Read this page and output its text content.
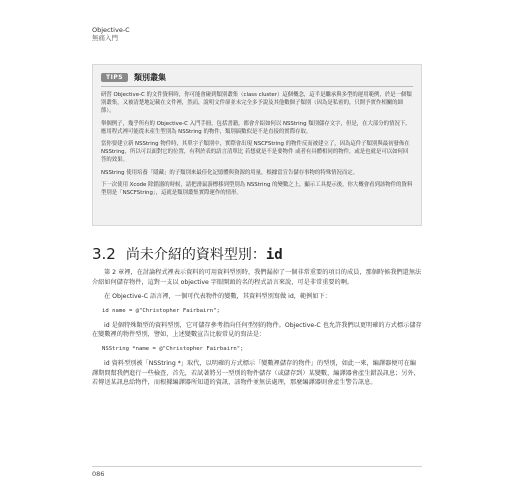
Objective-C
無痛入門
TIPS	類別叢集

研習 Objective-C 的文件資料時，你可能會碰到類別叢集（class cluster）這個概念，這半是繼承與多型的運用範例，於是一個類別叢集，又被清楚地記載在文件裡，然而，說明文件卻並未完全多予說及其他數個子類別（因為是私密的，只開予實作相關的細節）。

舉個例子，幾乎所有的 Objective-C 入門手冊，包括書籍，都會介紹如何以 NSString 類別儲存文字，但是，在大部分的情況下，應用程式裡可能從未產生型別為 NSString 的物件，類別搞數似是不是直接的實際存取。

當你要建立新 NSString 物件時，其單字子類別中，實際會出現 NSCFString 的物件反而被建立了，因為這件子類別與最初發佈在 NSString，所以可以面對它的位置，有利於表的語言清單比 若想就是不是要物件 或者有具體相同的物件，或是也就是可以如何回答的效果。

NSString 使用培養「隱藏」的子類別來最佳化記憶體與資源的用量，根據當宣告儲存事物的特殊情況而定。

下一次使用 Xcode 除錯器的時候，請把滑鼠游標移到型別為 NSString 的變數之上，顯示工具提示後，你大概會看到該物件的資料型別是「NSCFString」，這就是類別叢集實際運作的情形。

3.2 尚未介紹的資料型別：id

第 2 章裡，在討論程式裡表示資料的可用資料型別時，我們漏掉了一個非常重要的項目的成員，那個時候我們還無法介紹如何儲存物件，這對一支以 objective 字眼開頭的名的程式語言來說，可是非常重要的啊。

在 Objective-C 語言裡，一個可代表物件的變數，其資料型別寫做 id，範例如下：

id name = @"Christopher Fairbairn";

id 是個特殊類型的資料型別，它可儲存參考指向任何型別的物件。Objective-C 也允許我們以更明確的方式標示儲存在變數裡的物件型別，譬如，上述變數宣告比較常見的寫法是：

NSString *name = @"Christopher Fairbairn";

id 資料型別被「NSString *」取代，以明確的方式標示「變數裡儲存的物件」的型別，如此一來，編譯器便可在編譯期間幫我們進行一些檢查，首先，若試著將另一型別的物件儲存（或儲存到）某變數，編譯器會產生錯誤訊息；另外，若傳送某訊息給物件，而根據編譯器所知道的資訊，該物件並無法處理，那麼編譯器則會產生警告訊息。

086
